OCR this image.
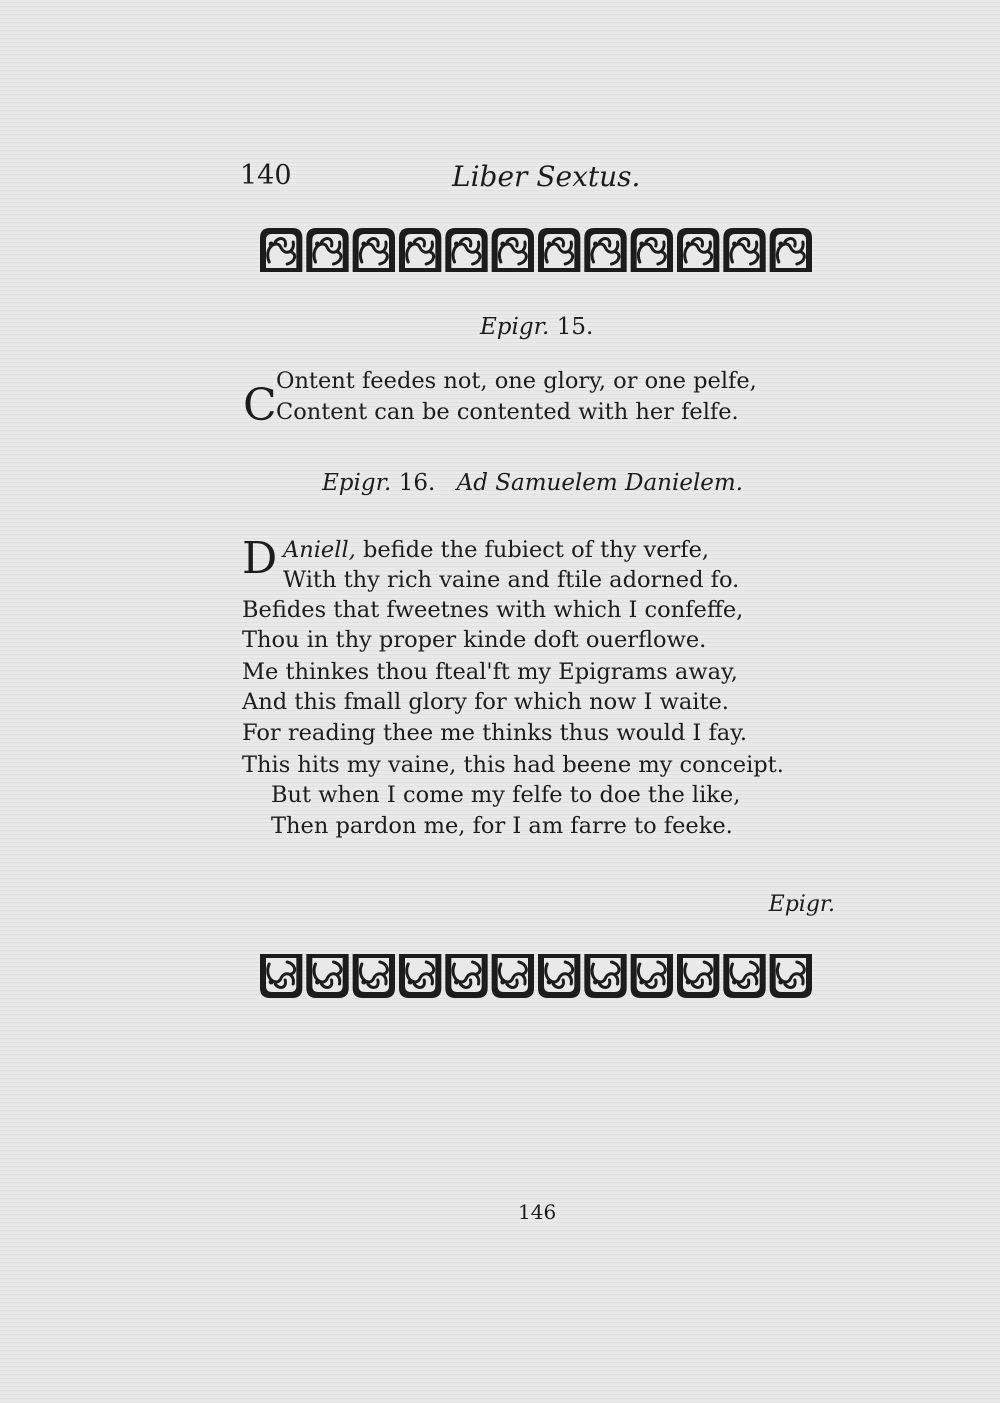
140	Liber Sextus.
Epigr. 15.
C Ontent feedes not, one glory, or one pelfe,
Content can be contented with her felfe.
Epigr. 16. Ad Samuelem Danielem.
D Aniell, befide the fubiect of thy verfe,
With thy rich vaine and ftile adorned fo.
Befides that fweetnes with which I confeffe,
Thou in thy proper kinde doft ouerflowe.
Me thinkes thou fteal'ft my Epigrams away,
And this fmall glory for which now I waite.
For reading thee me thinks thus would I fay.
This hits my vaine, this had beene my conceipt.
But when I come my felfe to doe the like,
Then pardon me, for I am farre to feeke.
Epigr.
146
